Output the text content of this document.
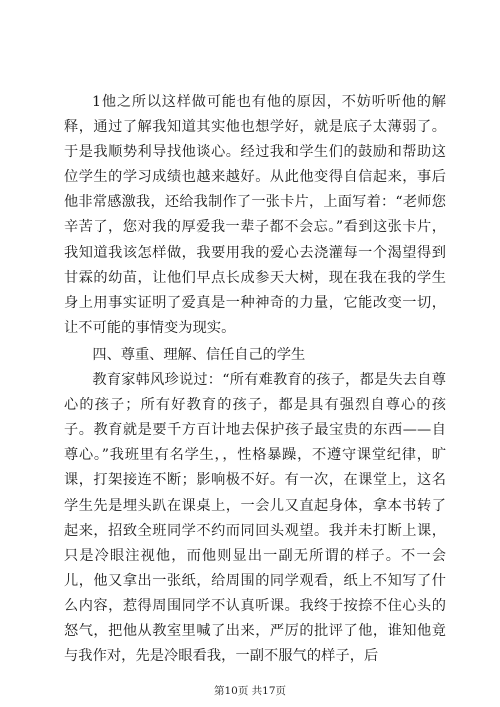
1他之所以这样做可能也有他的原因，不妨听听他的解释，通过了解我知道其实他也想学好，就是底子太薄弱了。于是我顺势利导找他谈心。经过我和学生们的鼓励和帮助这位学生的学习成绩也越来越好。从此他变得自信起来，事后他非常感激我，还给我制作了一张卡片，上面写着：“老师您辛苦了，您对我的厚爱我一辈子都不会忘。”看到这张卡片，我知道我该怎样做，我要用我的爱心去浇灌每一个渴望得到甘霖的幼苗，让他们早点长成参天大树，现在我在我的学生身上用事实证明了爱真是一种神奇的力量，它能改变一切，让不可能的事情变为现实。

四、尊重、理解、信任自己的学生

教育家韩风珍说过：“所有难教育的孩子，都是失去自尊心的孩子；所有好教育的孩子，都是具有强烈自尊心的孩子。教育就是要千方百计地去保护孩子最宝贵的东西——自尊心。”我班里有名学生，，性格暴躁，不遵守课堂纪律，旷课，打架接连不断；影响极不好。有一次，在课堂上，这名学生先是埋头趴在课桌上，一会儿又直起身体，拿本书转了起来，招致全班同学不约而同回头观望。我并未打断上课，只是冷眼注视他，而他则显出一副无所谓的样子。不一会儿，他又拿出一张纸，给周围的同学观看，纸上不知写了什么内容，惹得周围同学不认真听课。我终于按捺不住心头的怒气，把他从教室里喊了出来，严厉的批评了他，谁知他竟与我作对，先是冷眼看我，一副不服气的样子，后

第10页 共17页
